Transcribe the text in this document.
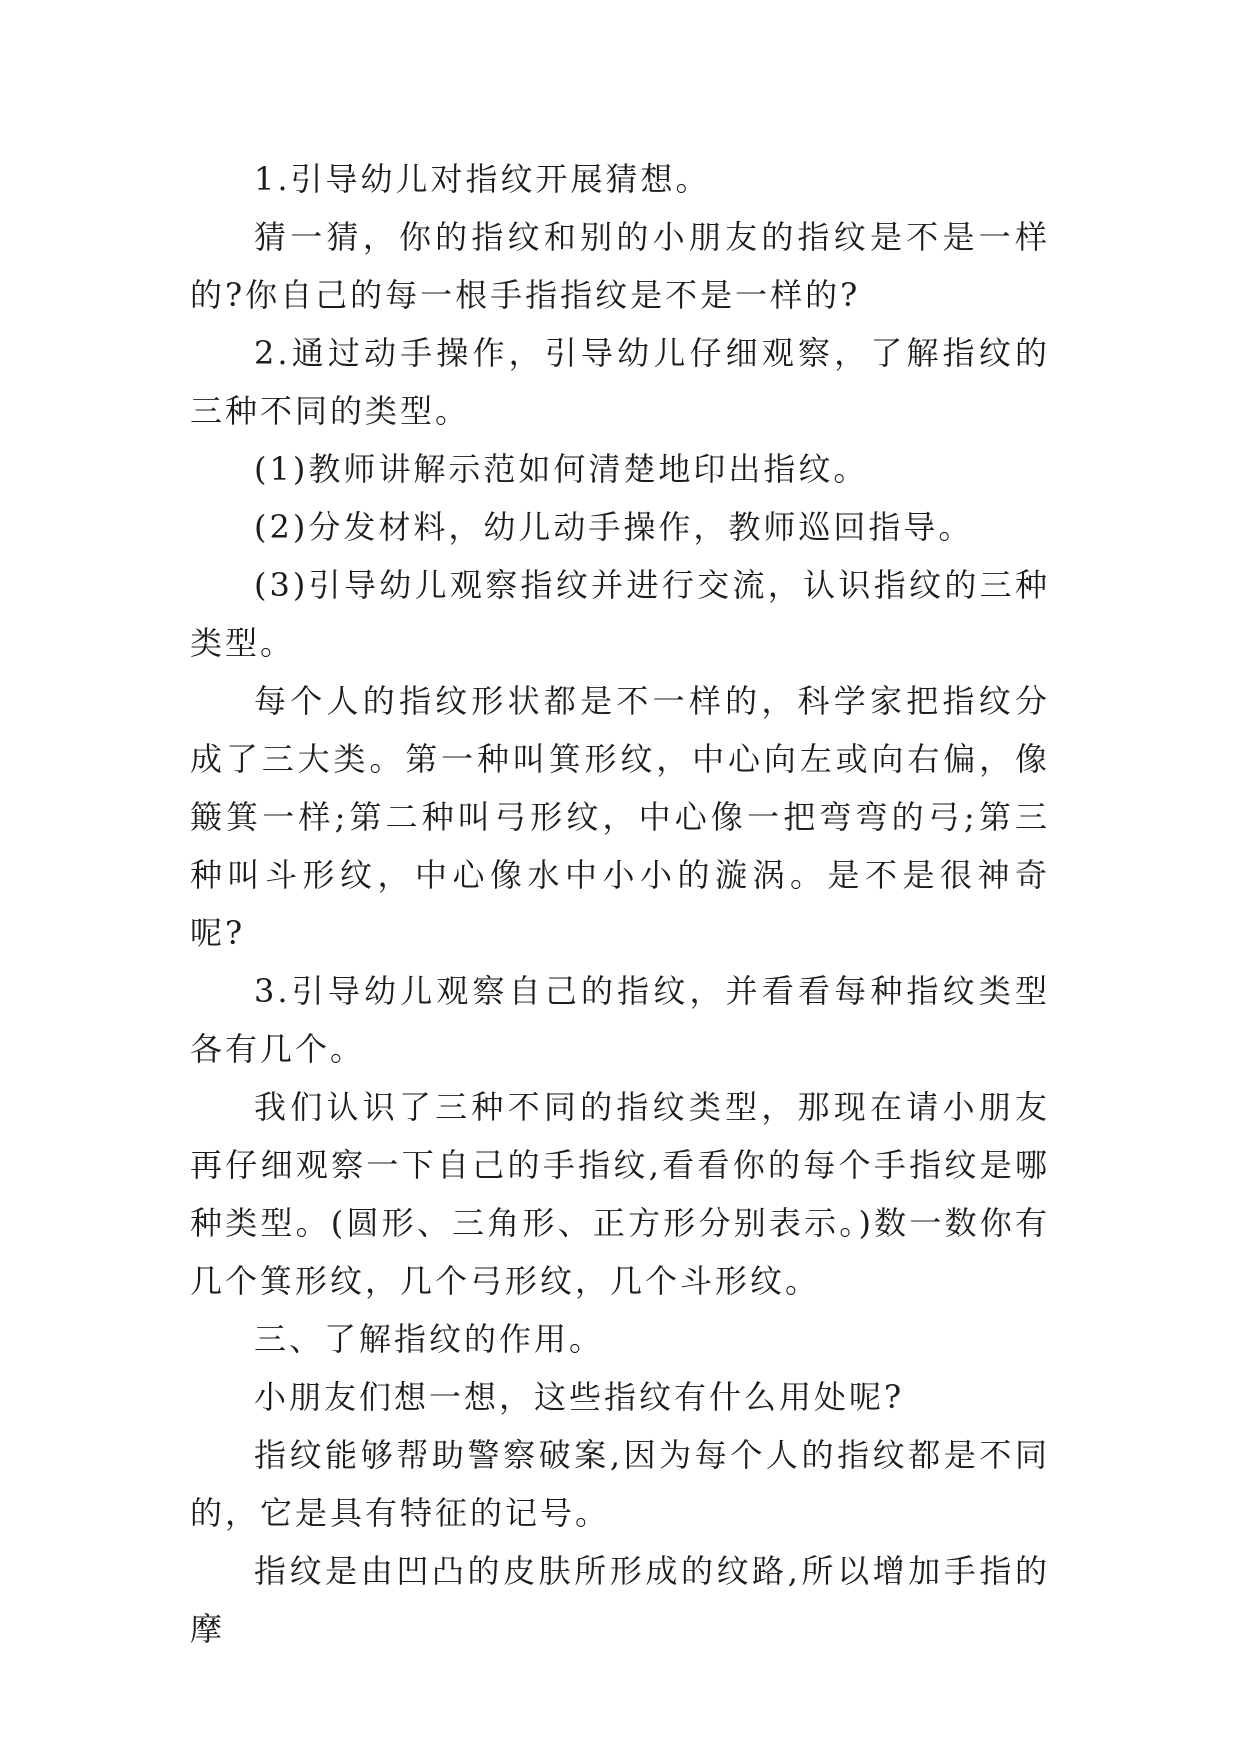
1.引导幼儿对指纹开展猜想。

猜一猜，你的指纹和别的小朋友的指纹是不是一样的?你自己的每一根手指指纹是不是一样的?

2.通过动手操作，引导幼儿仔细观察，了解指纹的三种不同的类型。

(1)教师讲解示范如何清楚地印出指纹。

(2)分发材料，幼儿动手操作，教师巡回指导。

(3)引导幼儿观察指纹并进行交流，认识指纹的三种类型。

每个人的指纹形状都是不一样的，科学家把指纹分成了三大类。第一种叫箕形纹，中心向左或向右偏，像簸箕一样;第二种叫弓形纹，中心像一把弯弯的弓;第三种叫斗形纹，中心像水中小小的漩涡。是不是很神奇呢?

3.引导幼儿观察自己的指纹，并看看每种指纹类型各有几个。

我们认识了三种不同的指纹类型，那现在请小朋友再仔细观察一下自己的手指纹,看看你的每个手指纹是哪种类型。(圆形、三角形、正方形分别表示。)数一数你有几个箕形纹，几个弓形纹，几个斗形纹。

三、了解指纹的作用。

小朋友们想一想，这些指纹有什么用处呢?

指纹能够帮助警察破案,因为每个人的指纹都是不同的，它是具有特征的记号。

指纹是由凹凸的皮肤所形成的纹路,所以增加手指的摩
